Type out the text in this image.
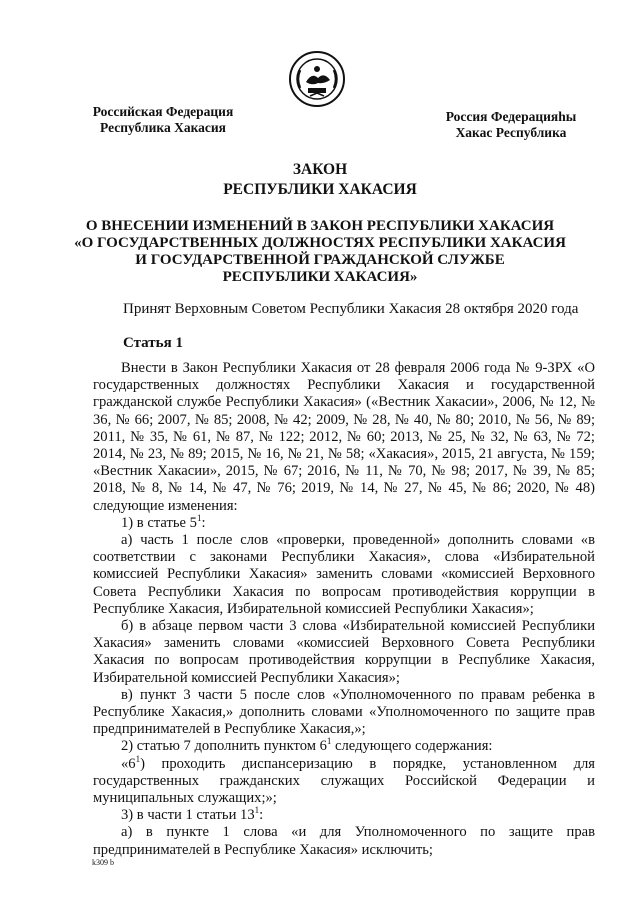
Российская Федерация
Республика Хакасия
Россия Федерацияһы
Хакас Республика
ЗАКОН
РЕСПУБЛИКИ ХАКАСИЯ
О ВНЕСЕНИИ ИЗМЕНЕНИЙ В ЗАКОН РЕСПУБЛИКИ ХАКАСИЯ
«О ГОСУДАРСТВЕННЫХ ДОЛЖНОСТЯХ РЕСПУБЛИКИ ХАКАСИЯ
И ГОСУДАРСТВЕННОЙ ГРАЖДАНСКОЙ СЛУЖБЕ
РЕСПУБЛИКИ ХАКАСИЯ»
Принят Верховным Советом Республики Хакасия 28 октября 2020 года
Статья 1

Внести в Закон Республики Хакасия от 28 февраля 2006 года № 9-ЗРХ «О государственных должностях Республики Хакасия и государственной гражданской службе Республики Хакасия» («Вестник Хакасии», 2006, № 12, № 36, № 66; 2007, № 85; 2008, № 42; 2009, № 28, № 40, № 80; 2010, № 56, № 89; 2011, № 35, № 61, № 87, № 122; 2012, № 60; 2013, № 25, № 32, № 63, № 72; 2014, № 23, № 89; 2015, № 16, № 21, № 58; «Хакасия», 2015, 21 августа, № 159; «Вестник Хакасии», 2015, № 67; 2016, № 11, № 70, № 98; 2017, № 39, № 85; 2018, № 8, № 14, № 47, № 76; 2019, № 14, № 27, № 45, № 86; 2020, № 48) следующие изменения:

1) в статье $5^1$:

а) часть 1 после слов «проверки, проведенной» дополнить словами «в соответствии с законами Республики Хакасия», слова «Избирательной комиссией Республики Хакасия» заменить словами «комиссией Верховного Совета Республики Хакасия по вопросам противодействия коррупции в Республике Хакасия, Избирательной комиссией Республики Хакасия»;

б) в абзаце первом части 3 слова «Избирательной комиссией Республики Хакасия» заменить словами «комиссией Верховного Совета Республики Хакасия по вопросам противодействия коррупции в Республике Хакасия, Избирательной комиссией Республики Хакасия»;

в) пункт 3 части 5 после слов «Уполномоченного по правам ребенка в Республике Хакасия,» дополнить словами «Уполномоченного по защите прав предпринимателей в Республике Хакасия,»;

2) статью 7 дополнить пунктом $6^1$ следующего содержания:

«$6^1$) проходить диспансеризацию в порядке, установленном для государственных гражданских служащих Российской Федерации и муниципальных служащих;»;

3) в части 1 статьи $13^1$:

а) в пункте 1 слова «и для Уполномоченного по защите прав предпринимателей в Республике Хакасия» исключить;

k309 b
